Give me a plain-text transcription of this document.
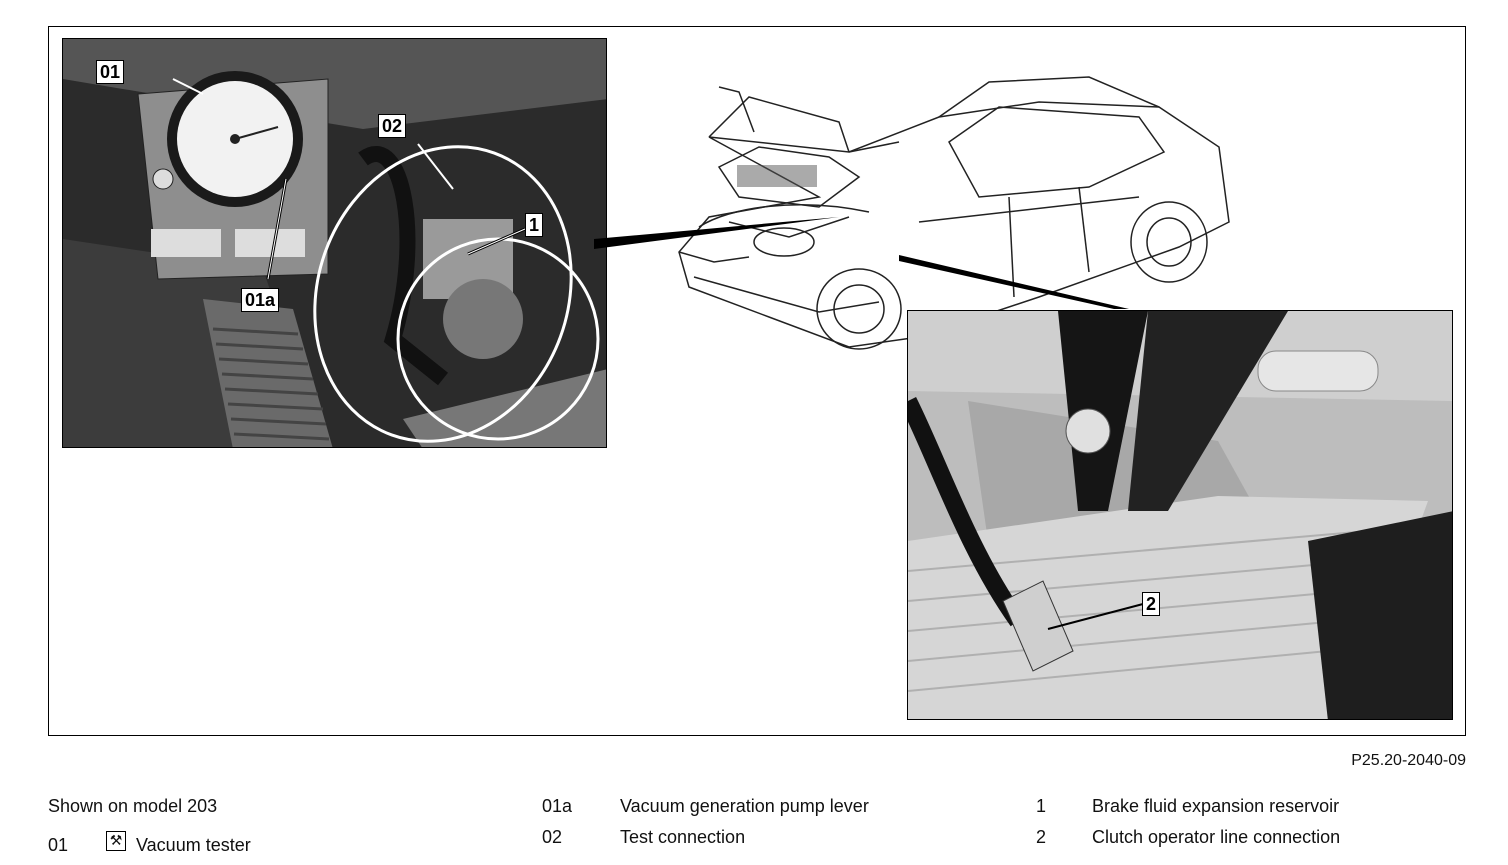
01
02
1
01a
2
P25.20-2040-09
Shown on model 203
01	⚒ Vacuum tester
01a	Vacuum generation pump lever
02	Test connection
1	Brake fluid expansion reservoir
2	Clutch operator line connection
